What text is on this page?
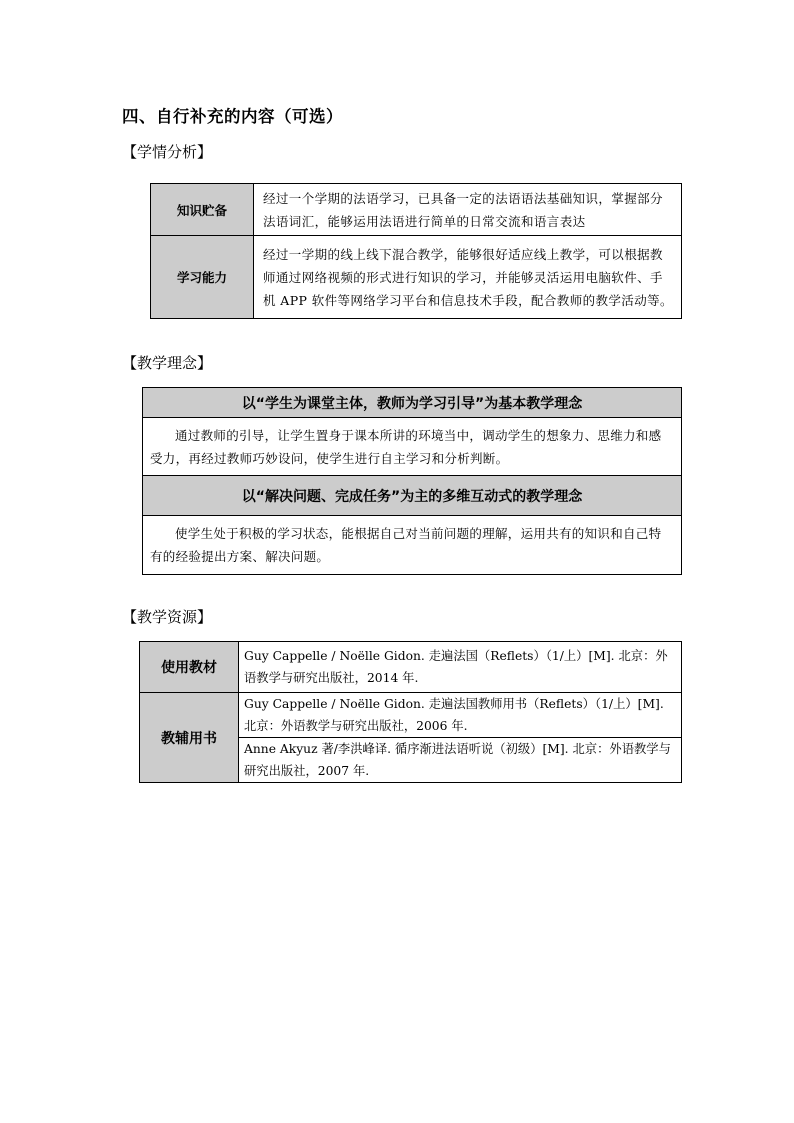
四、自行补充的内容（可选）

【学情分析】

知识贮备	经过一个学期的法语学习，已具备一定的法语语法基础知识，掌握部分法语词汇，能够运用法语进行简单的日常交流和语言表达
学习能力	经过一学期的线上线下混合教学，能够很好适应线上教学，可以根据教师通过网络视频的形式进行知识的学习，并能够灵活运用电脑软件、手机 APP 软件等网络学习平台和信息技术手段，配合教师的教学活动等。

【教学理念】

以“学生为课堂主体，教师为学习引导”为基本教学理念
通过教师的引导，让学生置身于课本所讲的环境当中，调动学生的想象力、思维力和感受力，再经过教师巧妙设问，使学生进行自主学习和分析判断。
以“解决问题、完成任务”为主的多维互动式的教学理念
使学生处于积极的学习状态，能根据自己对当前问题的理解，运用共有的知识和自己特有的经验提出方案、解决问题。

【教学资源】

使用教材	Guy Cappelle / Noëlle Gidon. 走遍法国（Reflets）（1/上）[M]. 北京：外语教学与研究出版社，2014 年.
教辅用书	Guy Cappelle / Noëlle Gidon. 走遍法国教师用书（Reflets）（1/上）[M]. 北京：外语教学与研究出版社，2006 年.
	Anne Akyuz 著/李洪峰译. 循序渐进法语听说（初级）[M]. 北京：外语教学与研究出版社，2007 年.
